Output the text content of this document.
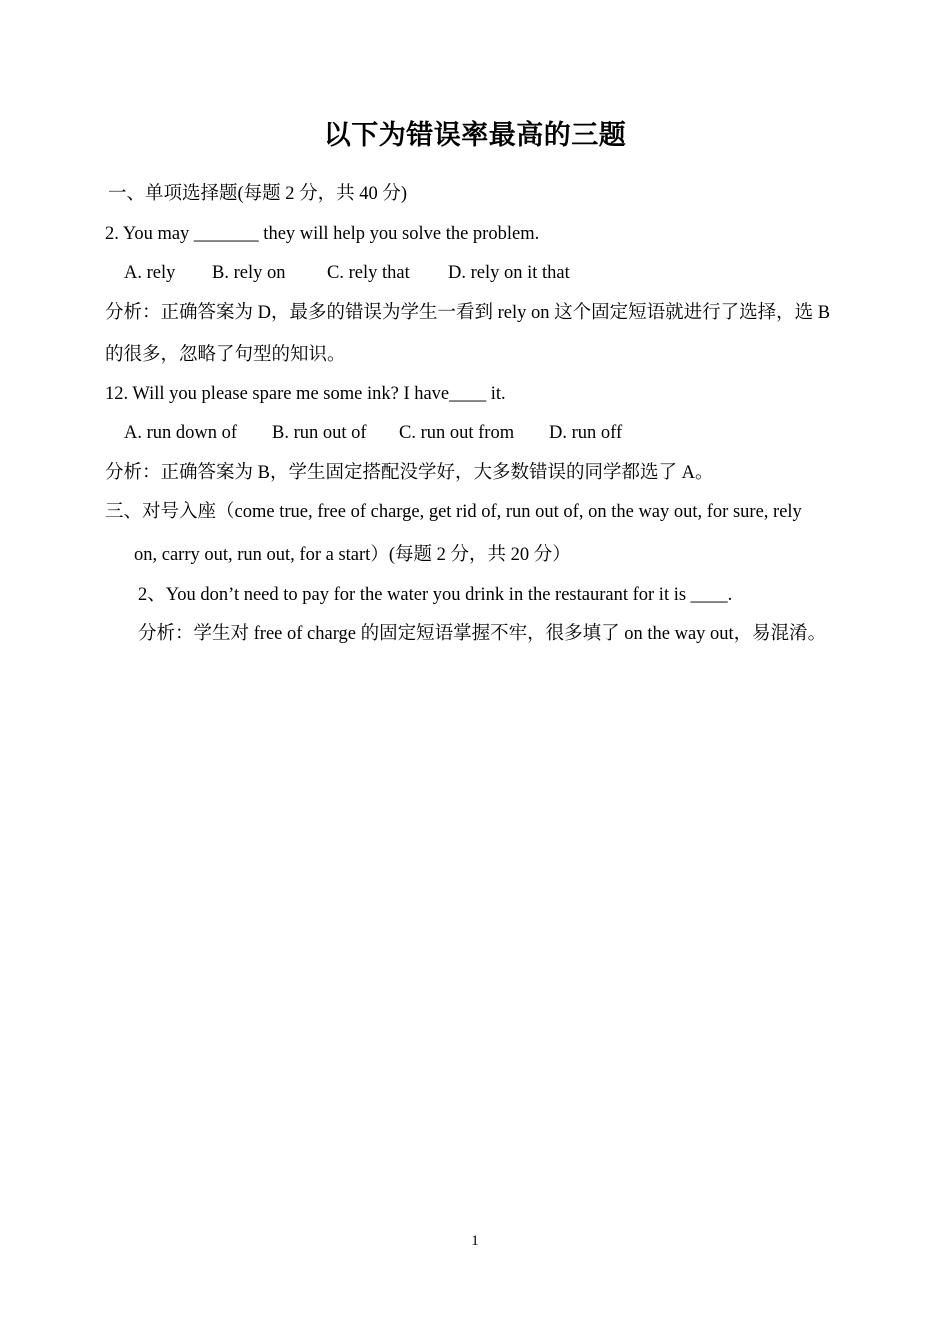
以下为错误率最高的三题
一、单项选择题(每题 2 分，共 40 分)
2. You may _______ they will help you solve the problem.
A. rely B. rely on C. rely that D. rely on it that
分析：正确答案为 D，最多的错误为学生一看到 rely on 这个固定短语就进行了选择，选 B
的很多，忽略了句型的知识。
12. Will you please spare me some ink? I have____ it.
A. run down of B. run out of C. run out from D. run off
分析：正确答案为 B，学生固定搭配没学好，大多数错误的同学都选了 A。
三、对号入座（come true, free of charge, get rid of, run out of, on the way out, for sure, rely
on, carry out, run out, for a start）(每题 2 分，共 20 分）
2、You don’t need to pay for the water you drink in the restaurant for it is ____.
分析：学生对 free of charge 的固定短语掌握不牢，很多填了 on the way out，易混淆。
1
